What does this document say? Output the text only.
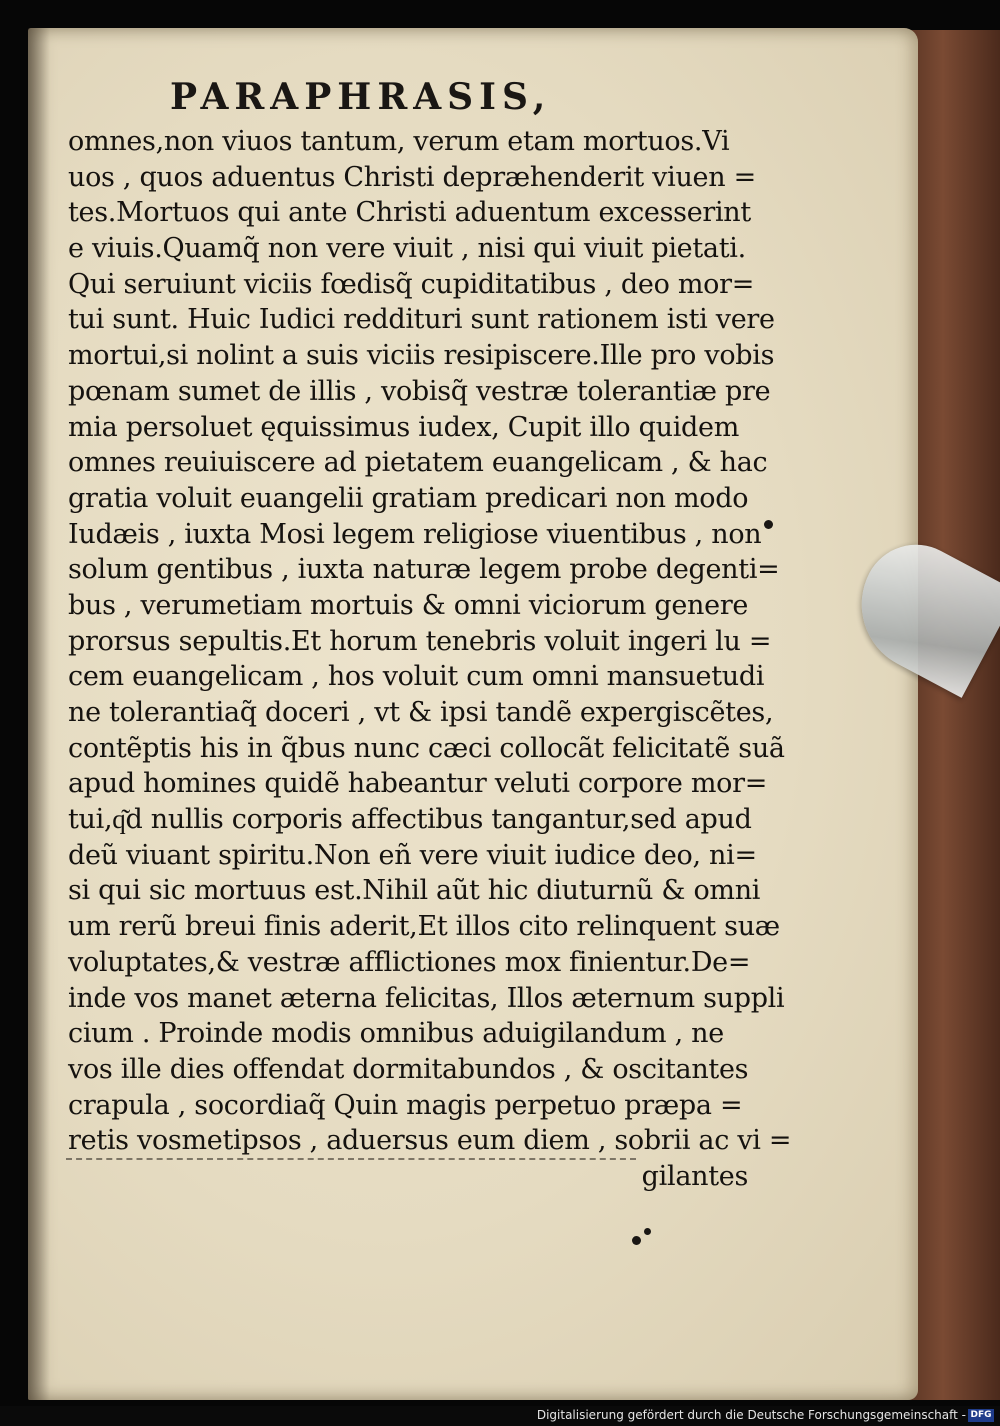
PARAPHRASIS,
omnes,non viuos tantum, verum etam mortuos.Vi
uos , quos aduentus Christi depræhenderit viuen =
tes.Mortuos qui ante Christi aduentum excesserint
e viuis.Quamq̃ non vere viuit , nisi qui viuit pietati.
Qui seruiunt viciis fœdisq̃ cupiditatibus , deo mor=
tui sunt. Huic Iudici reddituri sunt rationem isti vere
mortui,si nolint a suis viciis resipiscere.Ille pro vobis
pœnam sumet de illis , vobisq̃ vestræ tolerantiæ pre
mia persoluet ęquissimus iudex, Cupit illo quidem
omnes reuiuiscere ad pietatem euangelicam , & hac
gratia voluit euangelii gratiam predicari non modo
Iudæis , iuxta Mosi legem religiose viuentibus , non
solum gentibus , iuxta naturæ legem probe degenti=
bus , verumetiam mortuis & omni viciorum genere
prorsus sepultis.Et horum tenebris voluit ingeri lu =
cem euangelicam , hos voluit cum omni mansuetudi
ne tolerantiaq̃ doceri , vt & ipsi tandẽ expergiscẽtes,
contẽptis his in q̃bus nunc cæci collocãt felicitatẽ suã
apud homines quidẽ habeantur veluti corpore mor=
tui,q͂d nullis corporis affectibus tangantur,sed apud
deũ viuant spiritu.Non eñ vere viuit iudice deo, ni=
si qui sic mortuus est.Nihil aũt hic diuturnũ & omni
um rerũ breui finis aderit,Et illos cito relinquent suæ
voluptates,& vestræ afflictiones mox finientur.De=
inde vos manet æterna felicitas, Illos æternum suppli
cium . Proinde modis omnibus aduigilandum , ne
vos ille dies offendat dormitabundos , & oscitantes
crapula , socordiaq̃ Quin magis perpetuo præpa =
retis vosmetipsos , aduersus eum diem , sobrii ac vi =
gilantes

Digitalisierung gefördert durch die Deutsche Forschungsgemeinschaft - DFG
